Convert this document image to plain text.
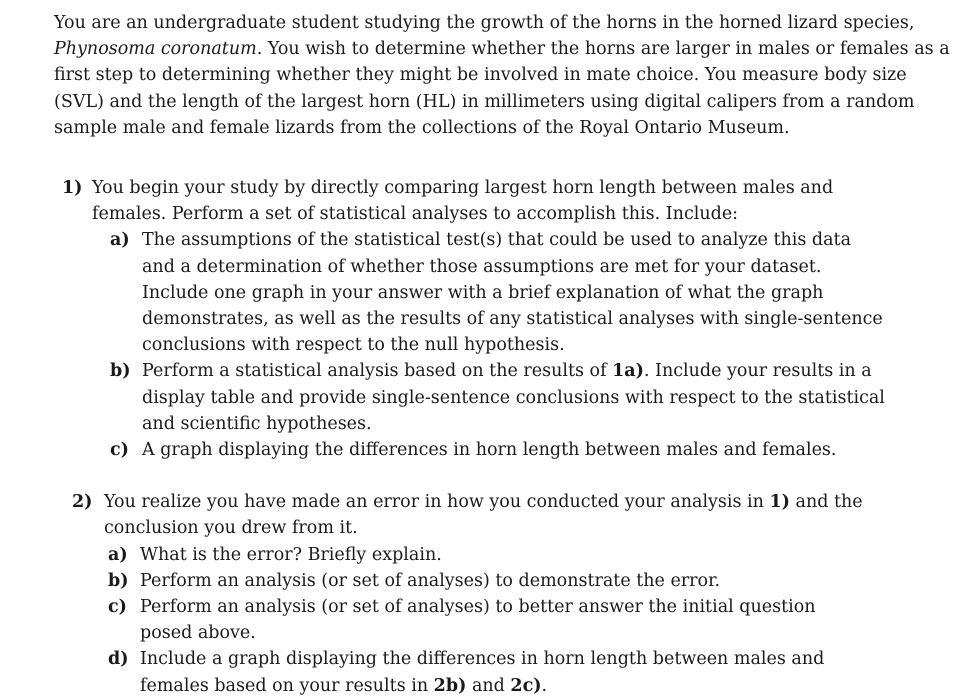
You are an undergraduate student studying the growth of the horns in the horned lizard species,
Phynosoma coronatum. You wish to determine whether the horns are larger in males or females as a first step to determining whether they might be involved in mate choice. You measure body size (SVL) and the length of the largest horn (HL) in millimeters using digital calipers from a random sample male and female lizards from the collections of the Royal Ontario Museum.

1) You begin your study by directly comparing largest horn length between males and females. Perform a set of statistical analyses to accomplish this. Include:

a) The assumptions of the statistical test(s) that could be used to analyze this data and a determination of whether those assumptions are met for your dataset. Include one graph in your answer with a brief explanation of what the graph demonstrates, as well as the results of any statistical analyses with single-sentence conclusions with respect to the null hypothesis.
b) Perform a statistical analysis based on the results of 1a). Include your results in a display table and provide single-sentence conclusions with respect to the statistical and scientific hypotheses.
c) A graph displaying the differences in horn length between males and females.
2) You realize you have made an error in how you conducted your analysis in 1) and the conclusion you drew from it.

a) What is the error? Briefly explain.
b) Perform an analysis (or set of analyses) to demonstrate the error.
c) Perform an analysis (or set of analyses) to better answer the initial question posed above.
d) Include a graph displaying the differences in horn length between males and females based on your results in 2b) and 2c).
